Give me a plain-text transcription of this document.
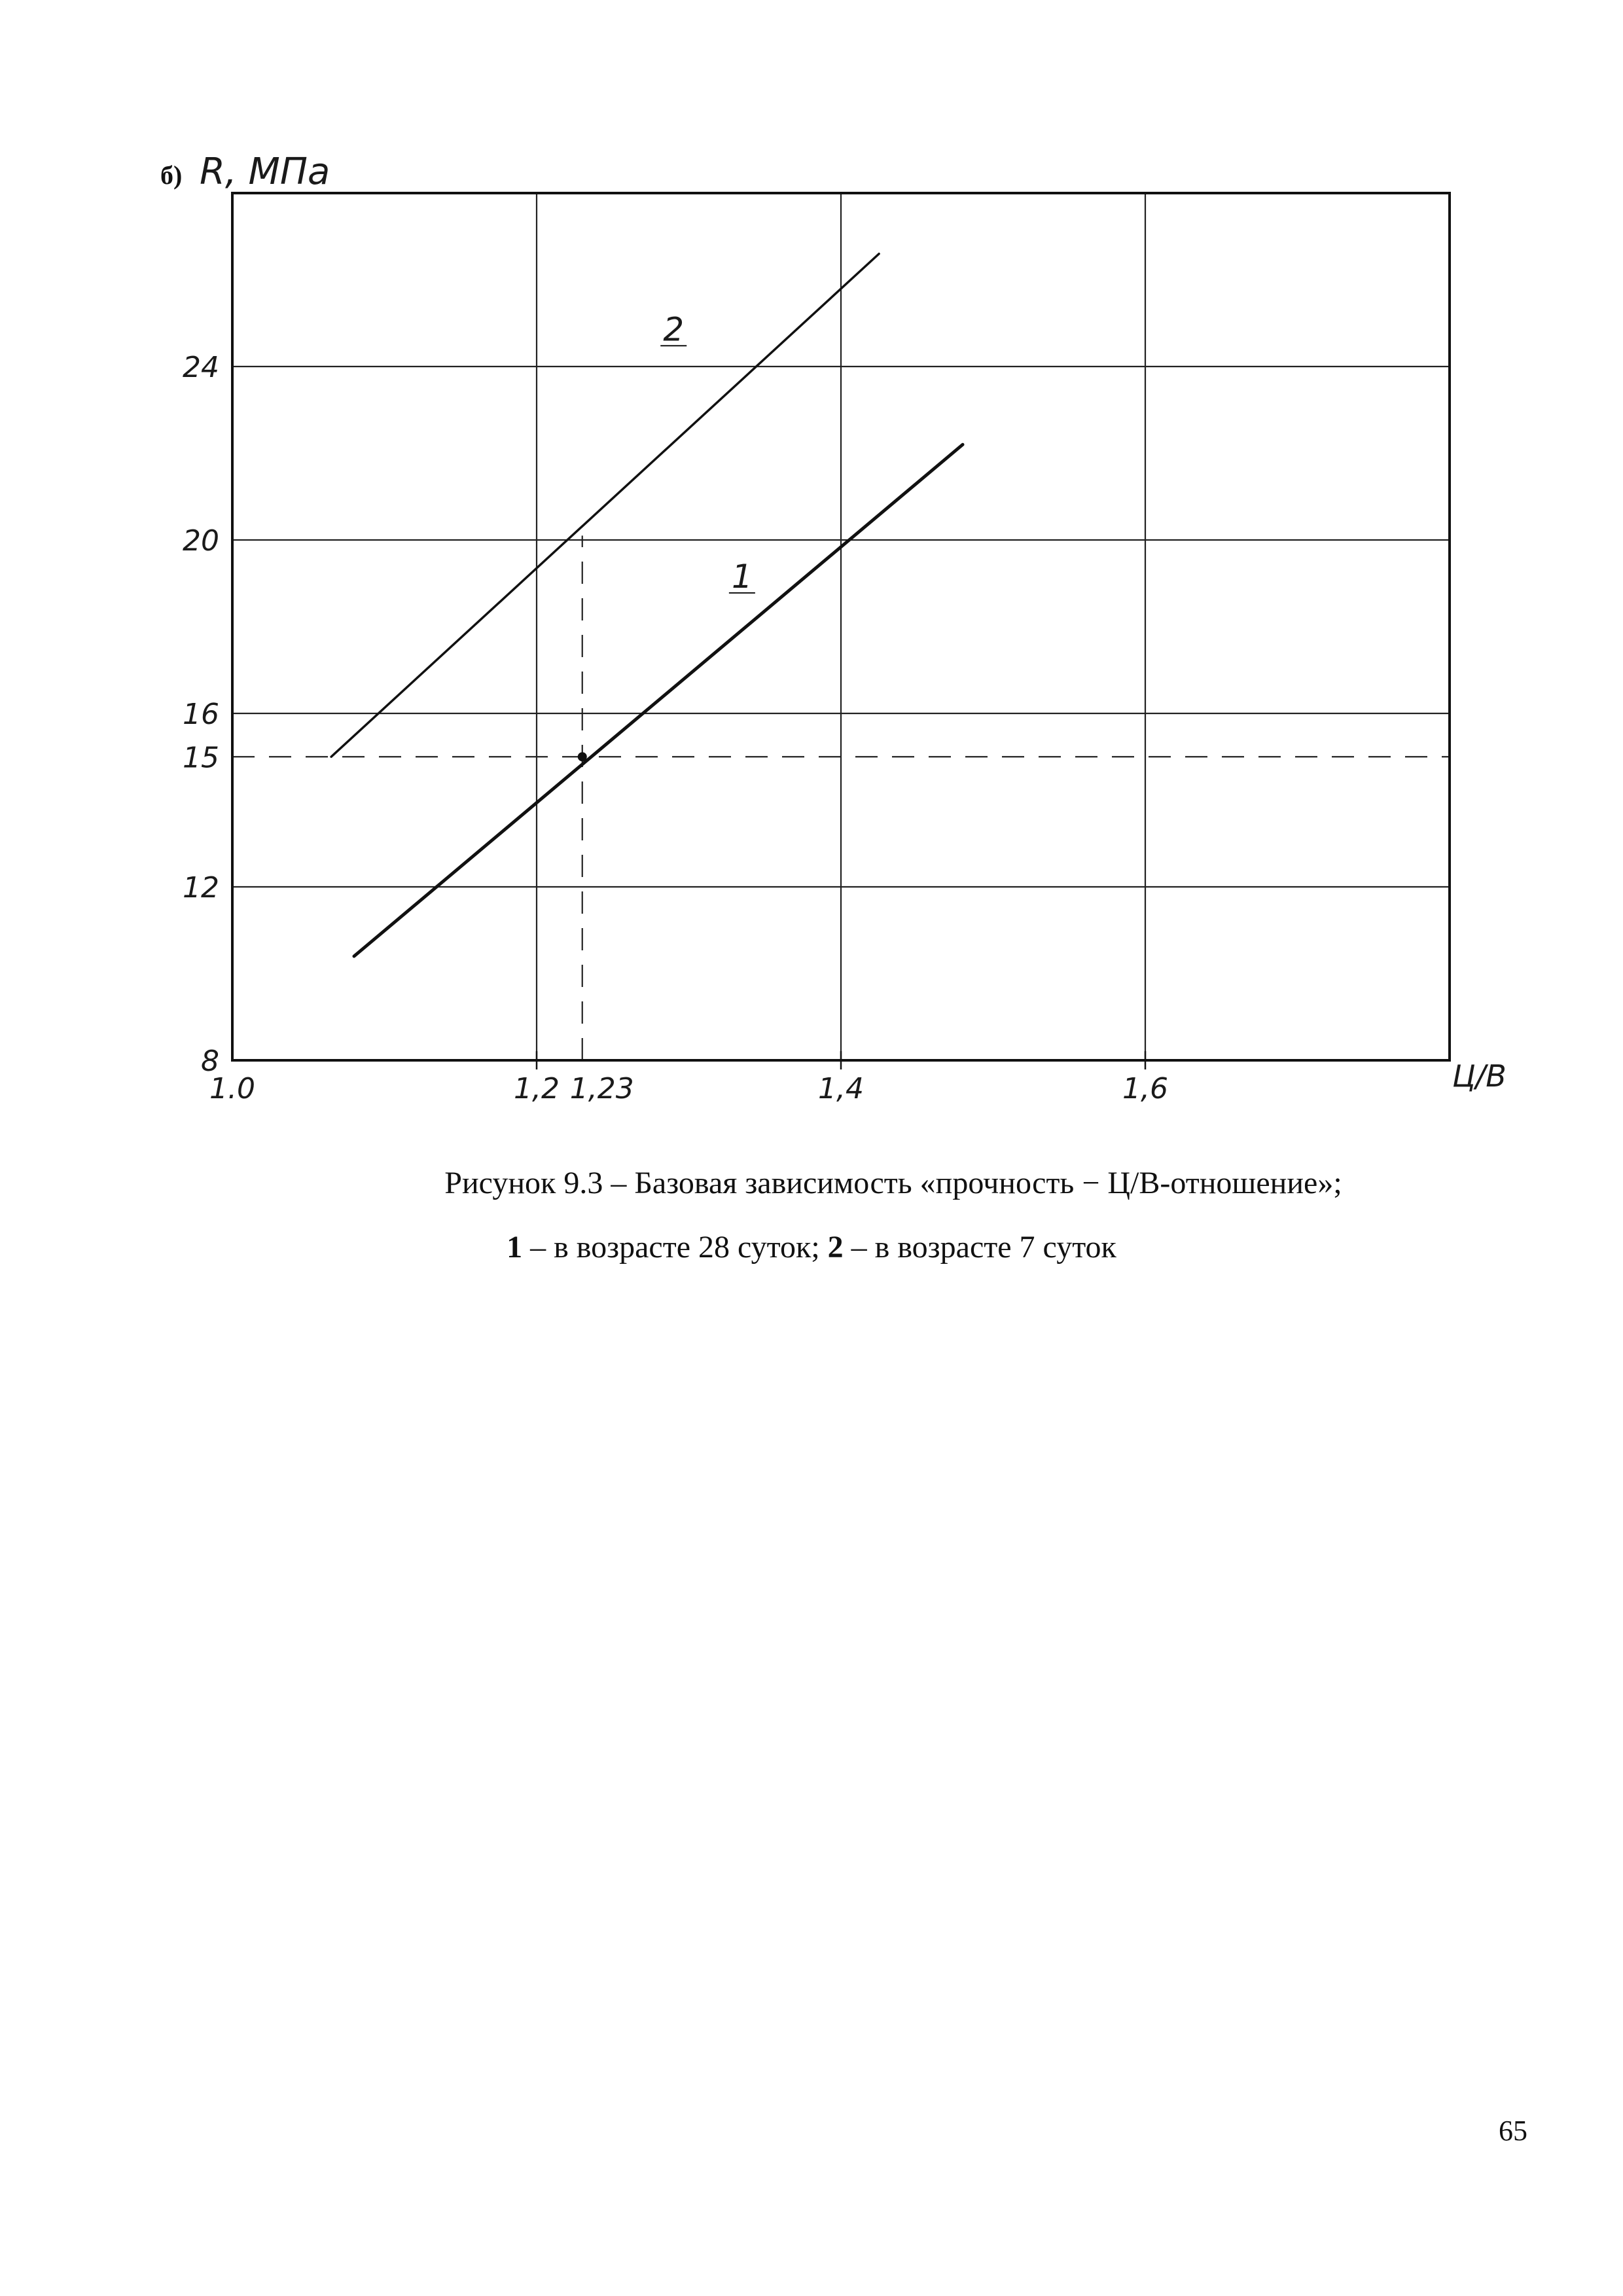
1
2
1.0	1,2 1,23	1,4	1,6
8
12
15
16
20
24
б) R, МПа
Ц/В
Рисунок 9.3 – Базовая зависимость «прочность − Ц/В-отношение»;
1 – в возрасте 28 суток; 2 – в возрасте 7 суток
65
